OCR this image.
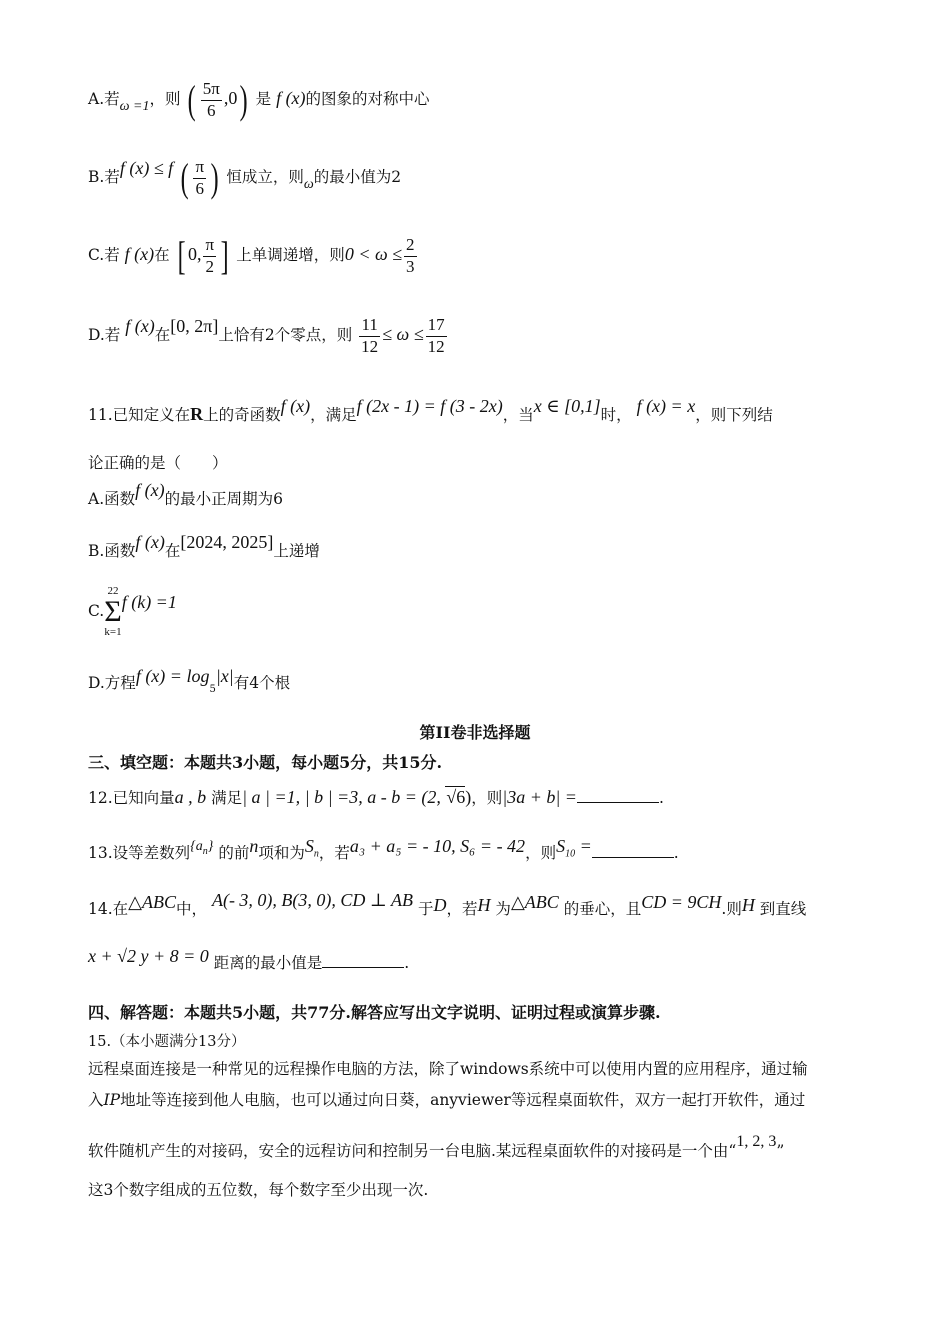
A.若ω =1，则 ( $\frac{5\pi}{6} ,0$) 是 f (x)的图象的对称中心
B.若f (x) ≤ f ( $\frac{\pi}{6}$ ) 恒成立，则ω的最小值为2
C.若 f (x)在 [ 0, $\frac{\pi}{2}$ ] 上单调递增，则$0 < \omega \le \frac{2}{3}$
D.若 f (x)在[0, 2π]上恰有2个零点，则 $\frac{11}{12} \le \omega \le \frac{17}{12}$
11.已知定义在R上的奇函数f (x)，满足f (2x - 1) = f (3 - 2x)，当x ∈ [0,1]时， f (x) = x，则下列结
论正确的是（　　）
A.函数f (x)的最小正周期为6
B.函数f (x)在[2024, 2025]上递增
C.
22
Σ
k=1
f (k) =1
D.方程f $(x) = \log_5|x|$有4个根
第II卷非选择题
三、填空题：本题共3小题，每小题5分，共15分.
12.已知向量a , b 满足| a | =1, | b | =3, a - b = (2, √6)，则|3a + b| =	.
13.设等差数列$\{a_n\}$ 的前n项和为$S_n$，若a₃ + a₅ = - 10, S₆ = - 42，则$S_{10}$ =	.
14.在△ABC中， A(- 3, 0), B(3, 0), CD ⊥ AB 于D，若H 为△ABC 的垂心，且CD = 9CH.则H 到直线
x + √2 y + 8 = 0 距离的最小值是	.
四、解答题：本题共5小题，共77分.解答应写出文字说明、证明过程或演算步骤.
15.（本小题满分13分）
远程桌面连接是一种常见的远程操作电脑的方法，除了windows系统中可以使用内置的应用程序，通过输
入IP地址等连接到他人电脑，也可以通过向日葵，anyviewer等远程桌面软件，双方一起打开软件，通过
软件随机产生的对接码，安全的远程访问和控制另一台电脑.某远程桌面软件的对接码是一个由“1, 2, 3”
这3个数字组成的五位数，每个数字至少出现一次.
